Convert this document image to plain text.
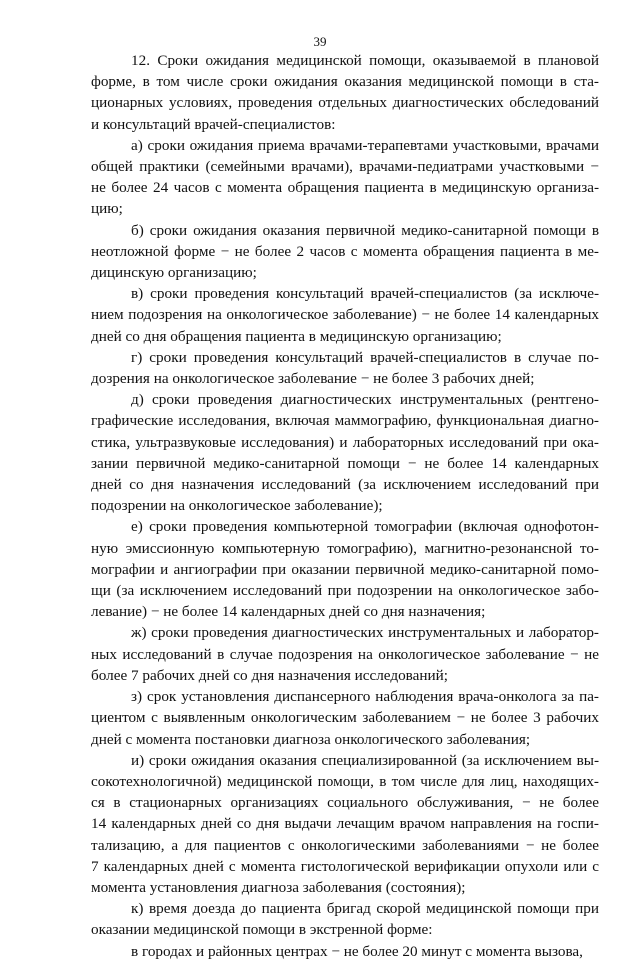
39
12. Сроки ожидания медицинской помощи, оказываемой в плановой
форме, в том числе сроки ожидания оказания медицинской помощи в ста-
ционарных условиях, проведения отдельных диагностических обследований
и консультаций врачей-специалистов:
а) сроки ожидания приема врачами-терапевтами участковыми, врачами
общей практики (семейными врачами), врачами-педиатрами участковыми −
не более 24 часов с момента обращения пациента в медицинскую организа-
цию;
б) сроки ожидания оказания первичной медико-санитарной помощи в
неотложной форме − не более 2 часов с момента обращения пациента в ме-
дицинскую организацию;
в) сроки проведения консультаций врачей-специалистов (за исключе-
нием подозрения на онкологическое заболевание) − не более 14 календарных
дней со дня обращения пациента в медицинскую организацию;
г) сроки проведения консультаций врачей-специалистов в случае по-
дозрения на онкологическое заболевание − не более 3 рабочих дней;
д) сроки проведения диагностических инструментальных (рентгено-
графические исследования, включая маммографию, функциональная диагно-
стика, ультразвуковые исследования) и лабораторных исследований при ока-
зании первичной медико-санитарной помощи − не более 14 календарных
дней со дня назначения исследований (за исключением исследований при
подозрении на онкологическое заболевание);
е) сроки проведения компьютерной томографии (включая однофотон-
ную эмиссионную компьютерную томографию), магнитно-резонансной то-
мографии и ангиографии при оказании первичной медико-санитарной помо-
щи (за исключением исследований при подозрении на онкологическое забо-
левание) − не более 14 календарных дней со дня назначения;
ж) сроки проведения диагностических инструментальных и лаборатор-
ных исследований в случае подозрения на онкологическое заболевание − не
более 7 рабочих дней со дня назначения исследований;
з) срок установления диспансерного наблюдения врача-онколога за па-
циентом с выявленным онкологическим заболеванием − не более 3 рабочих
дней с момента постановки диагноза онкологического заболевания;
и) сроки ожидания оказания специализированной (за исключением вы-
сокотехнологичной) медицинской помощи, в том числе для лиц, находящих-
ся в стационарных организациях социального обслуживания, − не более
14 календарных дней со дня выдачи лечащим врачом направления на госпи-
тализацию, а для пациентов с онкологическими заболеваниями − не более
7 календарных дней с момента гистологической верификации опухоли или с
момента установления диагноза заболевания (состояния);
к) время доезда до пациента бригад скорой медицинской помощи при
оказании медицинской помощи в экстренной форме:
в городах и районных центрах − не более 20 минут с момента вызова,
